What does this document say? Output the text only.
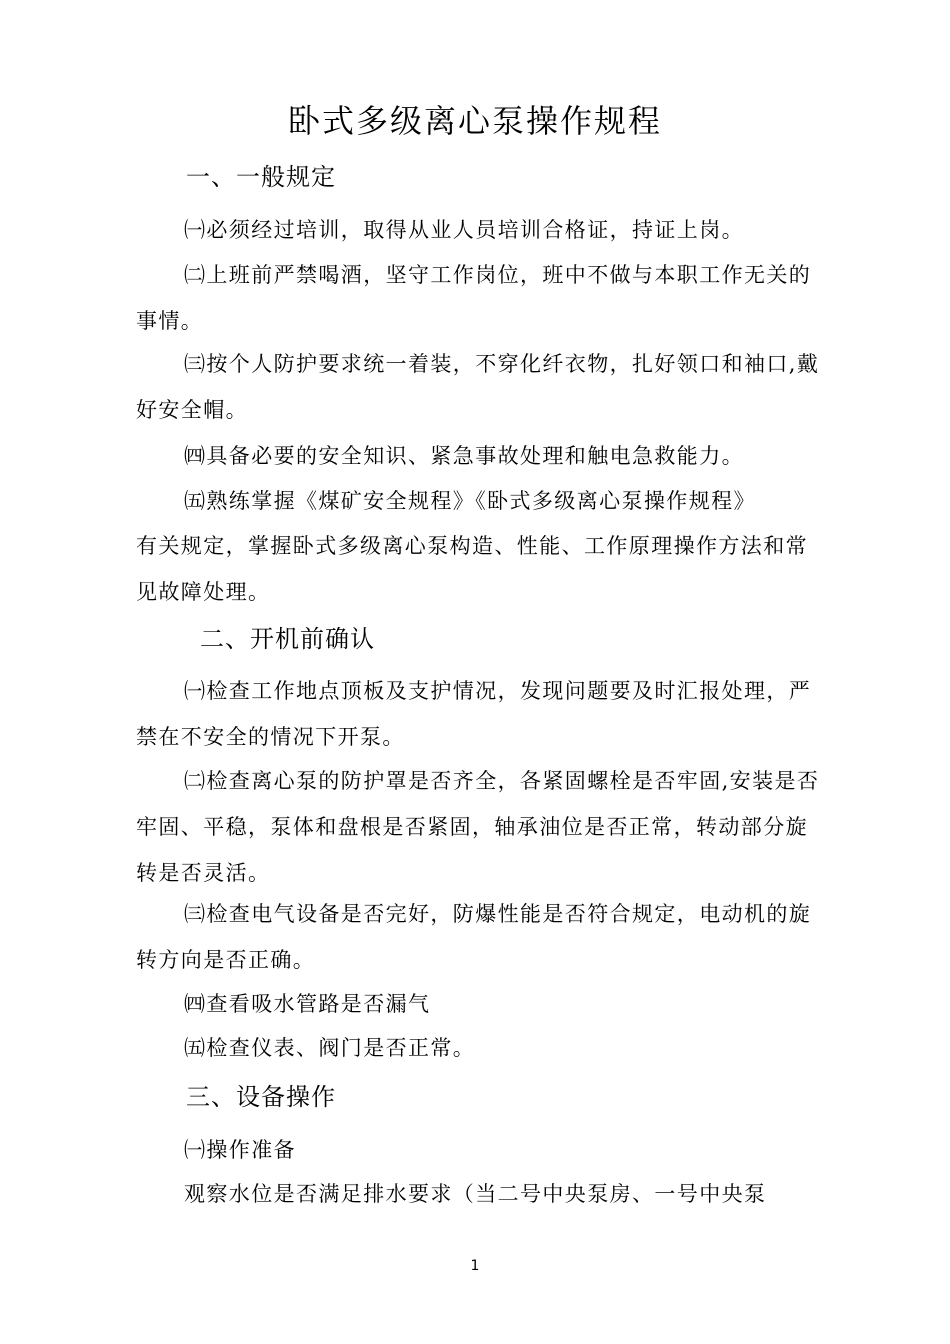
卧式多级离心泵操作规程
一、一般规定

㈠必须经过培训，取得从业人员培训合格证，持证上岗。

㈡上班前严禁喝酒，坚守工作岗位，班中不做与本职工作无关的事情。

㈢按个人防护要求统一着装，不穿化纤衣物，扎好领口和袖口,戴好安全帽。

㈣具备必要的安全知识、紧急事故处理和触电急救能力。

㈤熟练掌握《煤矿安全规程》《卧式多级离心泵操作规程》

有关规定，掌握卧式多级离心泵构造、性能、工作原理操作方法和常见故障处理。

二、开机前确认

㈠检查工作地点顶板及支护情况，发现问题要及时汇报处理，严禁在不安全的情况下开泵。

㈡检查离心泵的防护罩是否齐全，各紧固螺栓是否牢固,安装是否牢固、平稳，泵体和盘根是否紧固，轴承油位是否正常，转动部分旋转是否灵活。

㈢检查电气设备是否完好，防爆性能是否符合规定，电动机的旋转方向是否正确。

㈣查看吸水管路是否漏气

㈤检查仪表、阀门是否正常。

三、设备操作

㈠操作准备

观察水位是否满足排水要求（当二号中央泵房、一号中央泵

1
